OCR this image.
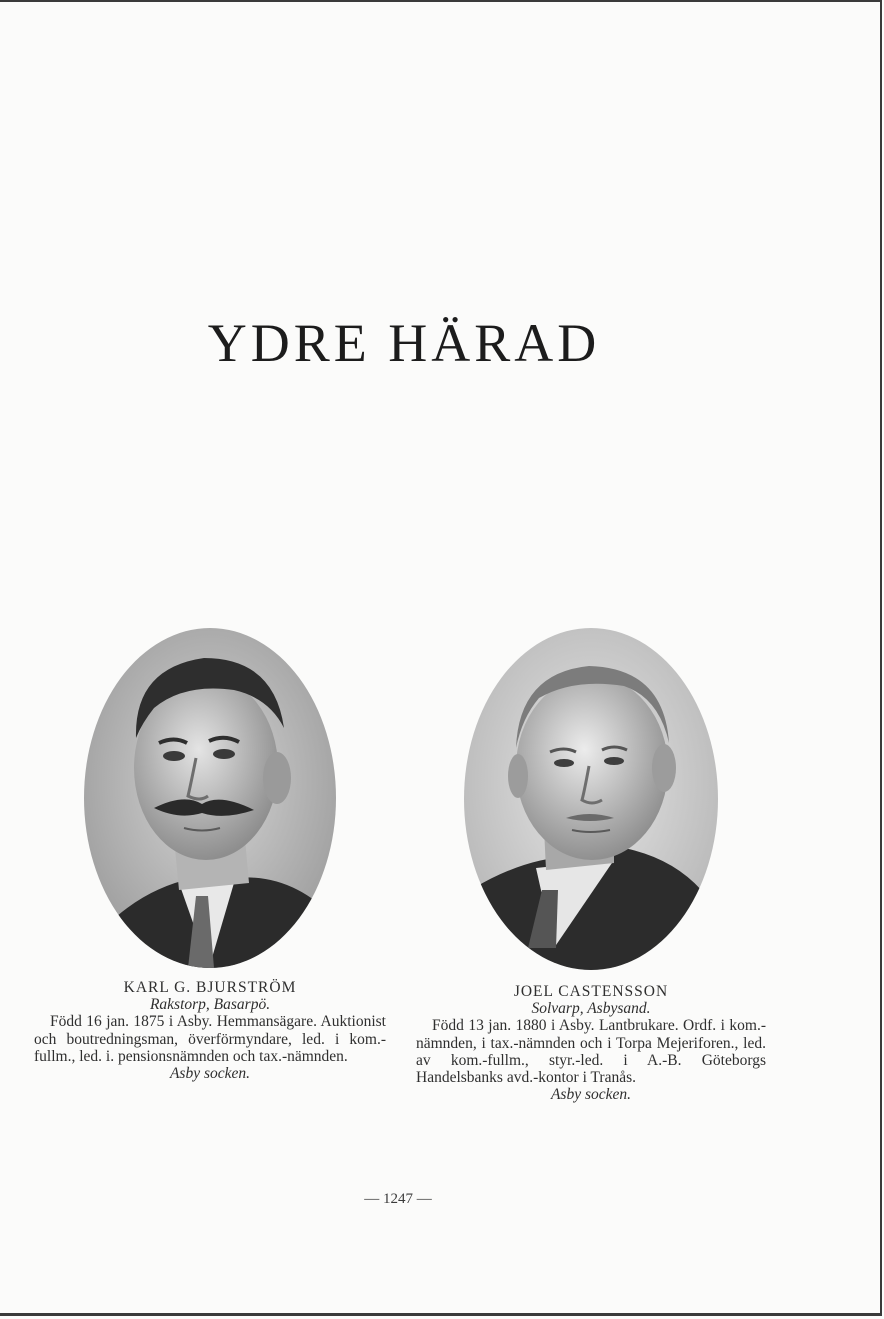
YDRE HÄRAD
KARL G. BJURSTRÖM
Rakstorp, Basarpö.

Född 16 jan. 1875 i Asby. Hemmansägare. Auktionist och boutredningsman, överförmyndare, led. i kom.-fullm., led. i. pensionsnämnden och tax.-nämnden.

Asby socken.
JOEL CASTENSSON
Solvarp, Asbysand.

Född 13 jan. 1880 i Asby. Lantbrukare. Ordf. i kom.-nämnden, i tax.-nämnden och i Torpa Mejeriforen., led. av kom.-fullm., styr.-led. i A.-B. Göteborgs Handelsbanks avd.-kontor i Tranås.

Asby socken.
— 1247 —
